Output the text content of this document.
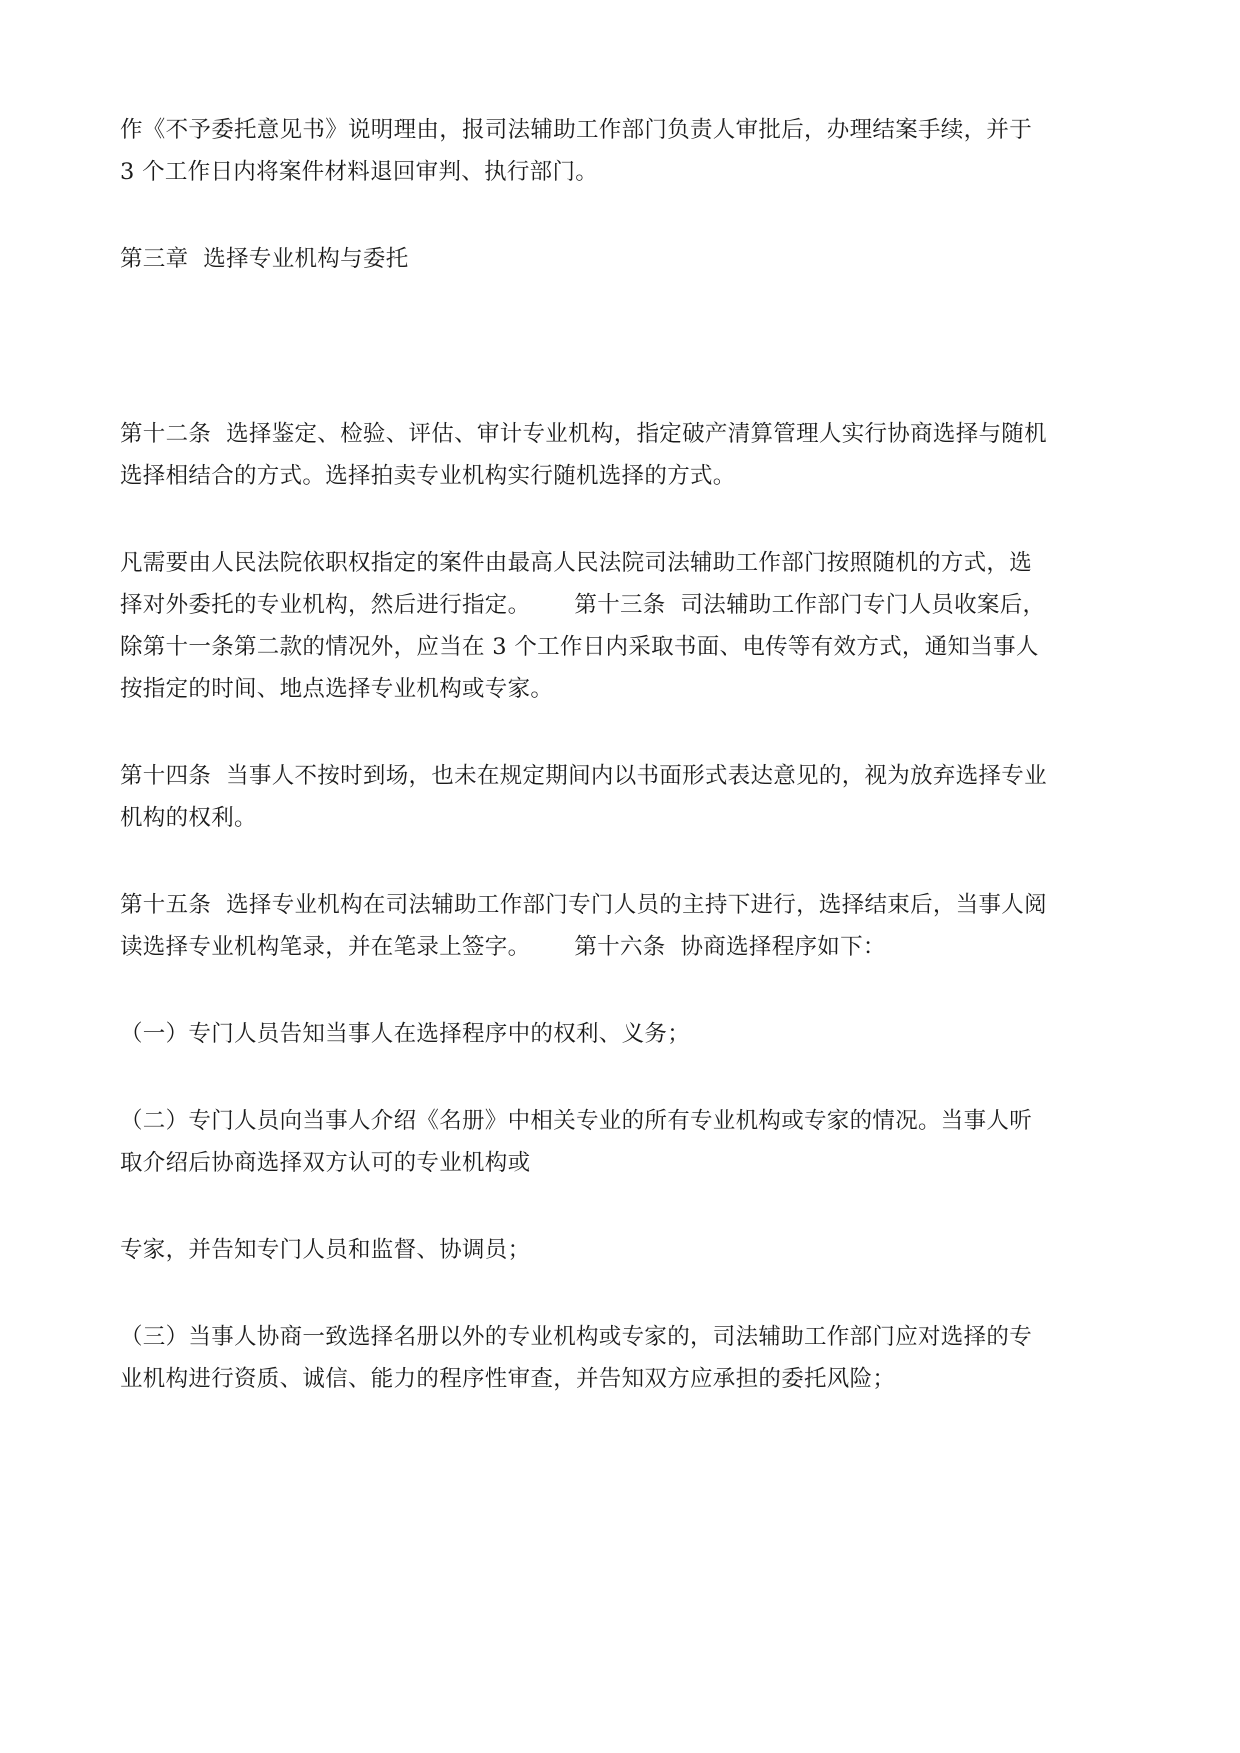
作《不予委托意见书》说明理由，报司法辅助工作部门负责人审批后，办理结案手续，并于
3 个工作日内将案件材料退回审判、执行部门。
第三章  选择专业机构与委托
第十二条  选择鉴定、检验、评估、审计专业机构，指定破产清算管理人实行协商选择与随机
选择相结合的方式。选择拍卖专业机构实行随机选择的方式。
凡需要由人民法院依职权指定的案件由最高人民法院司法辅助工作部门按照随机的方式，选
择对外委托的专业机构，然后进行指定。 第十三条  司法辅助工作部门专门人员收案后，
除第十一条第二款的情况外，应当在 3 个工作日内采取书面、电传等有效方式，通知当事人
按指定的时间、地点选择专业机构或专家。
第十四条  当事人不按时到场，也未在规定期间内以书面形式表达意见的，视为放弃选择专业
机构的权利。
第十五条  选择专业机构在司法辅助工作部门专门人员的主持下进行，选择结束后，当事人阅
读选择专业机构笔录，并在笔录上签字。 第十六条  协商选择程序如下：
（一）专门人员告知当事人在选择程序中的权利、义务；
（二）专门人员向当事人介绍《名册》中相关专业的所有专业机构或专家的情况。当事人听
取介绍后协商选择双方认可的专业机构或
专家，并告知专门人员和监督、协调员；
（三）当事人协商一致选择名册以外的专业机构或专家的，司法辅助工作部门应对选择的专
业机构进行资质、诚信、能力的程序性审查，并告知双方应承担的委托风险；
